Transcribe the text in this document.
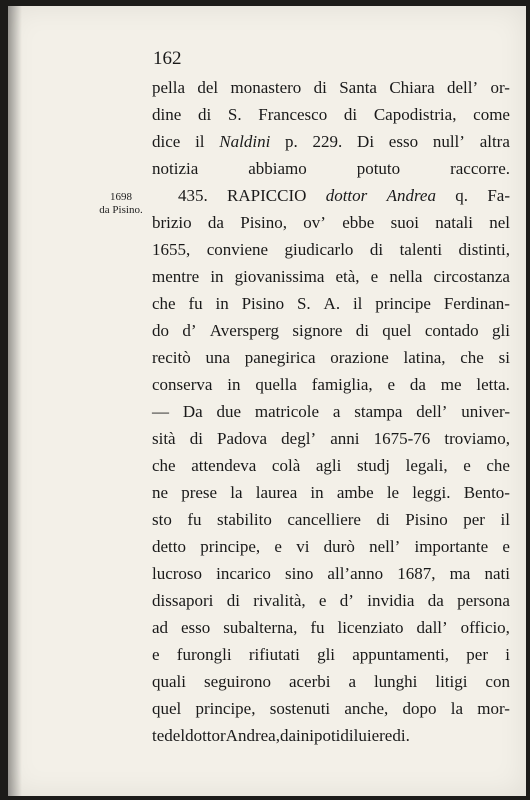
162
1698
da Pisino.
pella del monastero di Santa Chiara dell’ or-
dine di S. Francesco di Capodistria, come
dice il Naldini p. 229. Di esso null’ altra
notizia	abbiamo	potuto	raccorre.
435. RAPICCIO dottor Andrea q. Fa-
brizio da Pisino, ov’ ebbe suoi natali nel
1655, conviene giudicarlo di talenti distinti,
mentre in giovanissima età, e nella circostanza
che fu in Pisino S. A. il principe Ferdinan-
do d’ Aversperg signore di quel contado gli
recitò una panegirica orazione latina, che si
conserva in quella famiglia, e da me letta.
— Da due matricole a stampa dell’ univer-
sità di Padova degl’ anni 1675-76 troviamo,
che attendeva colà agli studj legali, e che
ne prese la laurea in ambe le leggi. Bento-
sto fu stabilito cancelliere di Pisino per il
detto principe, e vi durò nell’ importante e
lucroso incarico sino all’anno 1687, ma nati
dissapori di rivalità, e d’ invidia da persona
ad esso subalterna, fu licenziato dall’ officio,
e furongli rifiutati gli appuntamenti, per i
quali seguirono acerbi a lunghi litigi con
quel principe, sostenuti anche, dopo la mor-
te del dottor Andrea, dai nipoti di lui eredi.
